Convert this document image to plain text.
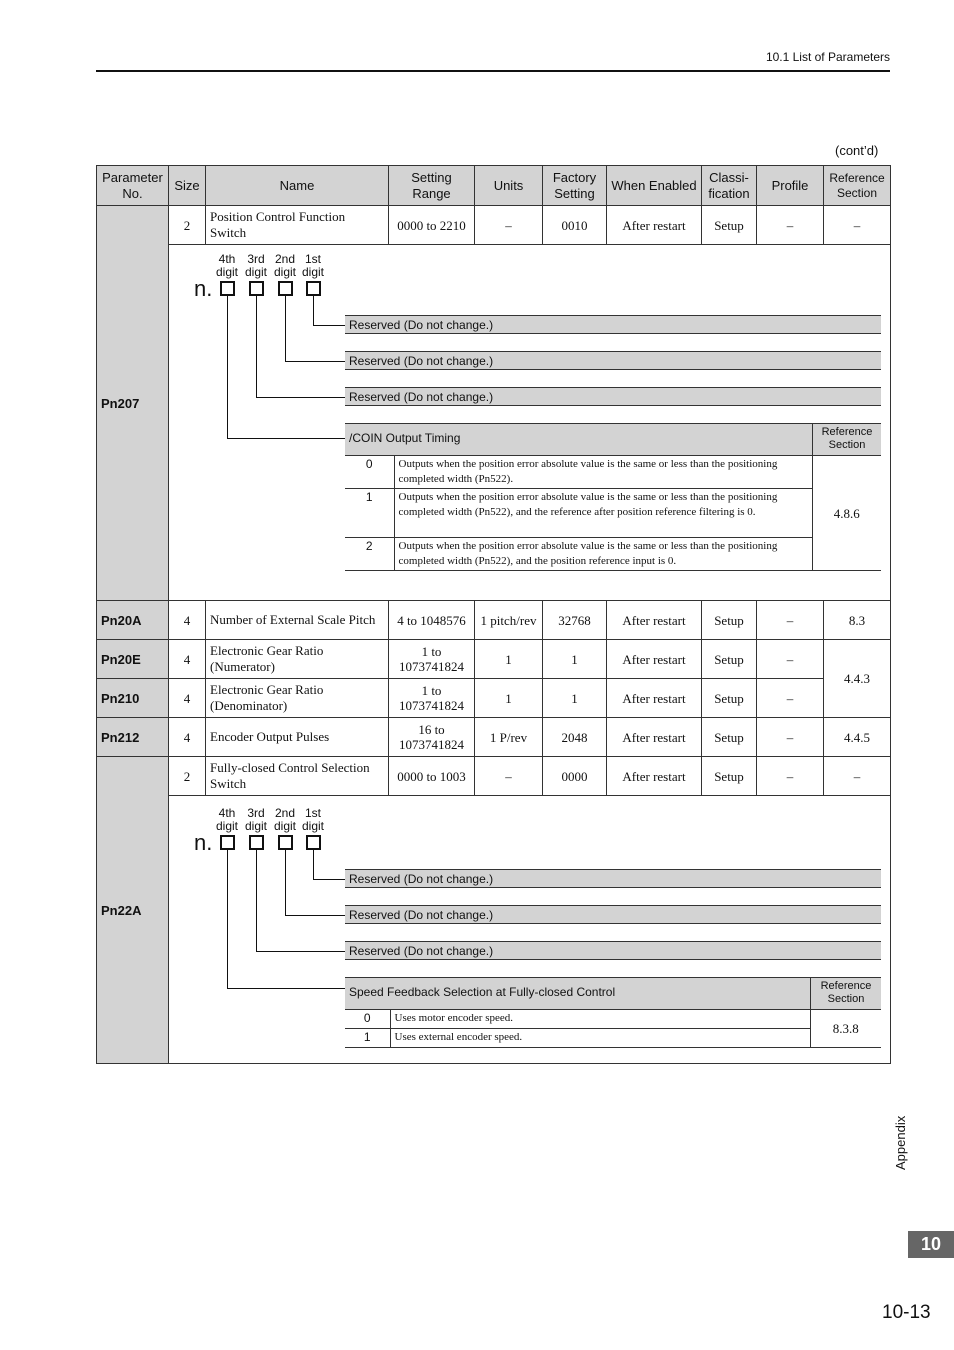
10.1 List of Parameters
(cont’d)
Parameter No.	Size	Name	Setting Range	Units	Factory Setting	When Enabled	Classi-fication	Profile	Reference Section
Pn207	2	Position Control Function Switch	0000 to 2210	–	0010	After restart	Setup	–	–

Pn20A	4	Number of External Scale Pitch	4 to 1048576	1 pitch/rev	32768	After restart	Setup	–	8.3
Pn20E	4	Electronic Gear Ratio (Numerator)	1 to 1073741824	1	1	After restart	Setup	–	4.4.3
Pn210	4	Electronic Gear Ratio (Denominator)	1 to 1073741824	1	1	After restart	Setup	–	
Pn212	4	Encoder Output Pulses	16 to 1073741824	1 P/rev	2048	After restart	Setup	–	4.4.5
Pn22A	2	Fully-closed Control Selection Switch	0000 to 1003	–	0000	After restart	Setup	–	–

4th digit
3rd digit
2nd digit
1st digit
n.
Reserved (Do not change.)
Reserved (Do not change.)
Reserved (Do not change.)
/COIN Output Timing	Reference Section
0	Outputs when the position error absolute value is the same or less than the positioning completed width (Pn522).	4.8.6
1	Outputs when the position error absolute value is the same or less than the positioning completed width (Pn522), and the reference after position reference filtering is 0.	
2	Outputs when the position error absolute value is the same or less than the positioning completed width (Pn522), and the position reference input is 0.	
4th digit
3rd digit
2nd digit
1st digit
n.
Reserved (Do not change.)
Reserved (Do not change.)
Reserved (Do not change.)
Speed Feedback Selection at Fully-closed Control	Reference Section
0	Uses motor encoder speed.	8.3.8
1	Uses external encoder speed.	
Appendix
10
10-13
